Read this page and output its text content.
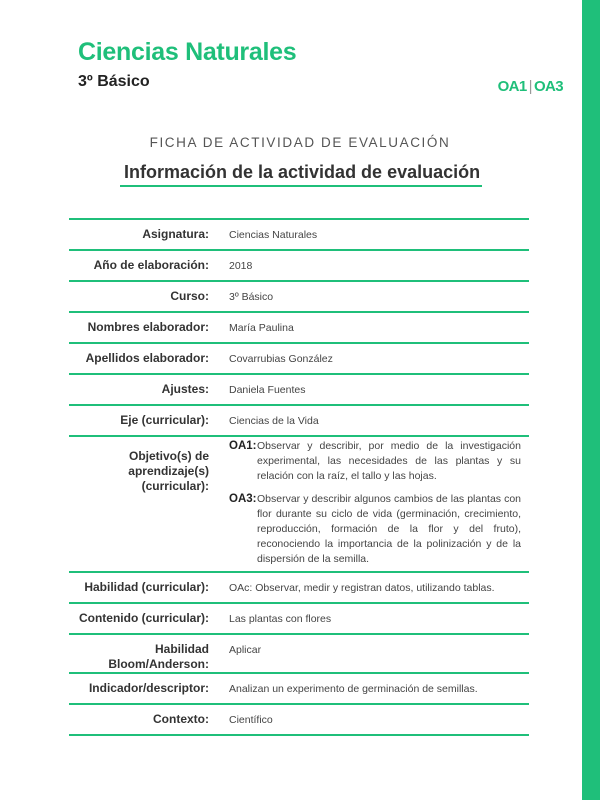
Ciencias Naturales
3º Básico	OA1 | OA3
FICHA DE ACTIVIDAD DE EVALUACIÓN
Información de la actividad de evaluación
Asignatura:	Ciencias Naturales
Año de elaboración:	2018
Curso:	3º Básico
Nombres elaborador:	María Paulina
Apellidos elaborador:	Covarrubias González
Ajustes:	Daniela Fuentes
Eje (curricular):	Ciencias de la Vida
Objetivo(s) de aprendizaje(s) (curricular):
OA1: Observar y describir, por medio de la investigación experimental, las necesidades de las plantas y su relación con la raíz, el tallo y las hojas.
OA3: Observar y describir algunos cambios de las plantas con flor durante su ciclo de vida (germinación, crecimiento, reproducción, formación de la flor y del fruto), reconociendo la importancia de la polinización y de la dispersión de la semilla.
Habilidad (curricular):	OAc: Observar, medir y registran datos, utilizando tablas.
Contenido (curricular):	Las plantas con flores
Habilidad Bloom/Anderson:
Aplicar
Indicador/descriptor:	Analizan un experimento de germinación de semillas.
Contexto:	Científico
